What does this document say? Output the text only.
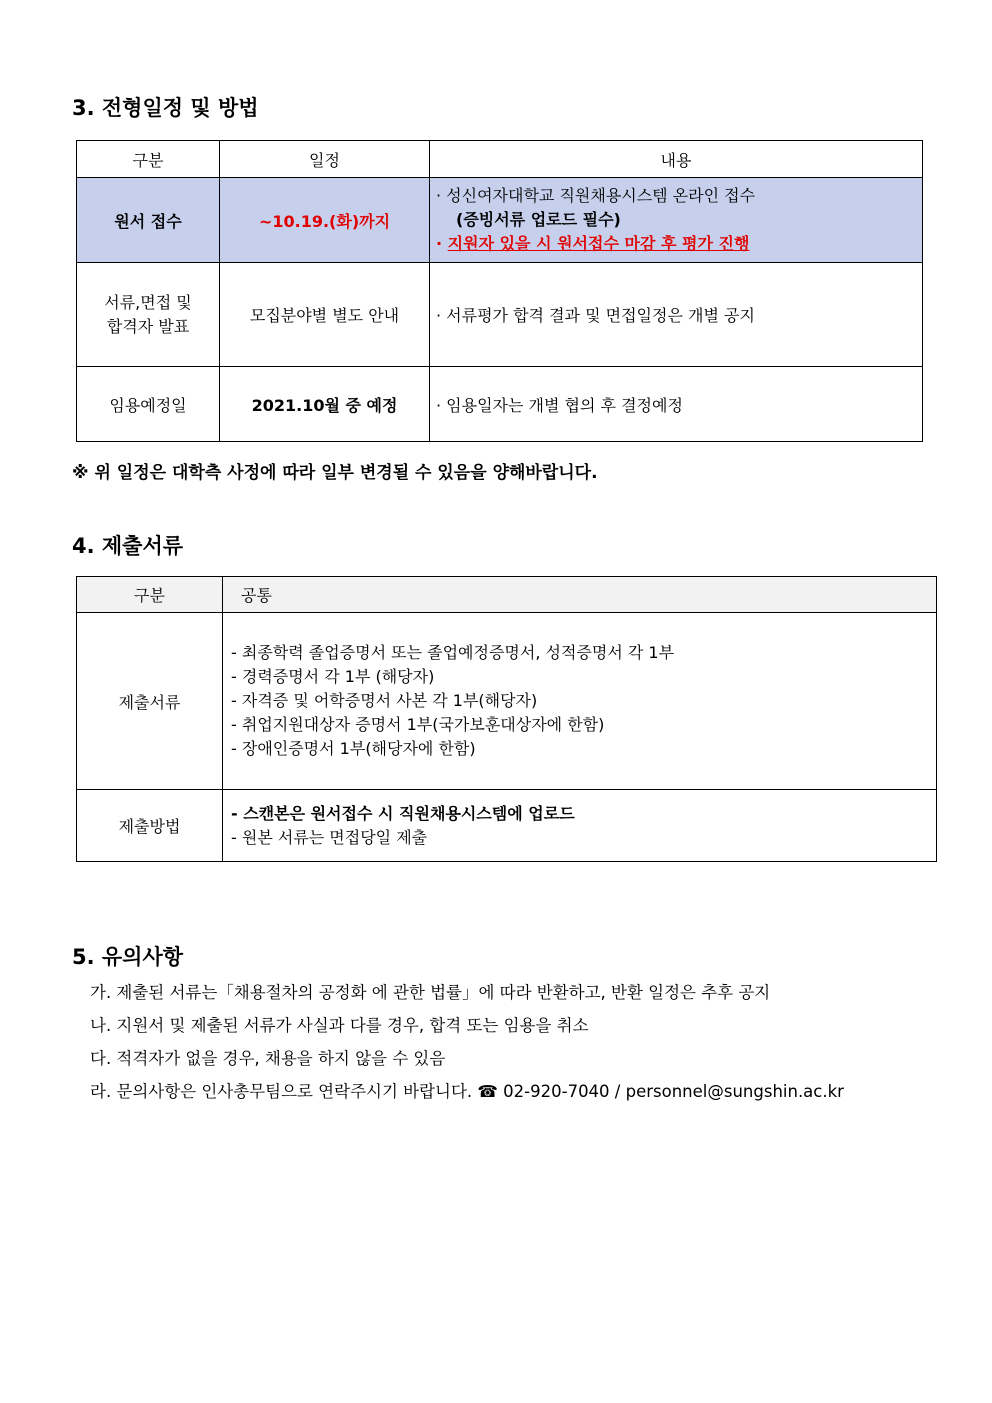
3. 전형일정 및 방법
구분	일정	내용
원서 접수	~10.19.(화)까지	· 성신여자대학교 직원채용시스템 온라인 접수
(증빙서류 업로드 필수)
· 지원자 있을 시 원서접수 마감 후 평가 진행

서류,면접 및
합격자 발표	모집분야별 별도 안내	· 서류평가 합격 결과 및 면접일정은 개별 공지
임용예정일	2021.10월 중 예정	· 임용일자는 개별 협의 후 결정예정
※ 위 일정은 대학측 사정에 따라 일부 변경될 수 있음을 양해바랍니다.
4. 제출서류
구분	공통
제출서류	- 최종학력 졸업증명서 또는 졸업예정증명서, 성적증명서 각 1부
- 경력증명서 각 1부 (해당자)
- 자격증 및 어학증명서 사본 각 1부(해당자)
- 취업지원대상자 증명서 1부(국가보훈대상자에 한함)
- 장애인증명서 1부(해당자에 한함)

제출방법	- 스캔본은 원서접수 시 직원채용시스템에 업로드
- 원본 서류는 면접당일 제출
5. 유의사항
가. 제출된 서류는「채용절차의 공정화 에 관한 법률」에 따라 반환하고, 반환 일정은 추후 공지
나. 지원서 및 제출된 서류가 사실과 다를 경우, 합격 또는 임용을 취소
다. 적격자가 없을 경우, 채용을 하지 않을 수 있음
라. 문의사항은 인사총무팀으로 연락주시기 바랍니다. ☎ 02-920-7040 / personnel@sungshin.ac.kr
